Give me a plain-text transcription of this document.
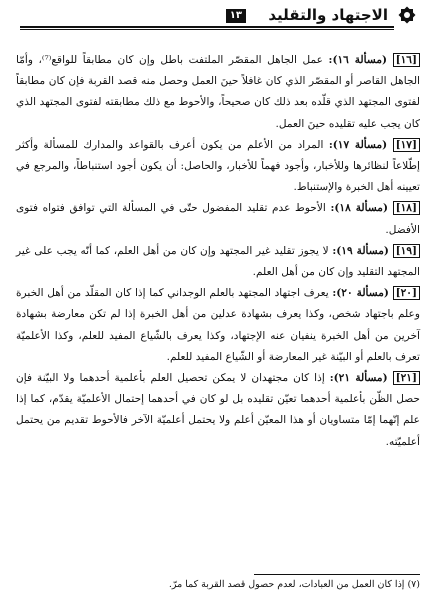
الاجتهاد والتقليد
١٣

[١٦] (مسألة ١٦): عمل الجاهل المقصّر الملتفت باطل وإن كان مطابقاً للواقع⁽⁷⁾، وأمّا الجاهل القاصر أو المقصّر الذي كان غافلاً حينَ العمل وحصل منه قصد القربة فإن كان مطابقاً لفتوى المجتهد الذي قلّده بعد ذلك كان صحيحاً، والأحوط مع ذلك مطابقته لفتوى المجتهد الذي كان يجب عليه تقليده حينَ العمل.

[١٧] (مسألة ١٧): المراد من الأعلم من يكون أعرف بالقواعد والمدارك للمسألة وأكثر إطّلاعاً لنظائرها وللأخبار، وأجود فهماً للأخبار، والحاصل: أن يكون أجود استنباطاً، والمرجع في تعيينه أهل الخبرة والإستنباط.

[١٨] (مسألة ١٨): الأحوط عدم تقليد المفضول حتّى في المسألة التي توافق فتواه فتوى الأفضل.

[١٩] (مسألة ١٩): لا يجوز تقليد غير المجتهد وإن كان من أهل العلم، كما أنّه يجب على غير المجتهد التقليد وإن كان من أهل العلم.

[٢٠] (مسألة ٢٠): يعرف اجتهاد المجتهد بالعلم الوجداني كما إذا كان المقلّد من أهل الخبرة وعلم باجتهاد شخص، وكذا يعرف بشهادة عدلين من أهل الخبرة إذا لم تكن معارضة بشهادة آخرين من أهل الخبرة ينفيان عنه الإجتهاد، وكذا يعرف بالشّياع المفيد للعلم، وكذا الأعلميّة تعرف بالعلم أو البيّنة غير المعارضة أو الشّياع المفيد للعلم.

[٢١] (مسألة ٢١): إذا كان مجتهدان لا يمكن تحصيل العلم بأعلمية أحدهما ولا البيّنة فإن حصل الظّن بأعلمية أحدهما تعيّن تقليده بل لو كان في أحدهما إحتمال الأعلميّة يقدّم، كما إذا علم إنّهما إمّا متساويان أو هذا المعيّن أعلم ولا يحتمل أعلميّة الآخر فالأحوط تقديم من يحتمل أعلميّته.

(٧) إذا كان العمل من العبادات، لعدم حصول قصد القربة كما مرّ.
